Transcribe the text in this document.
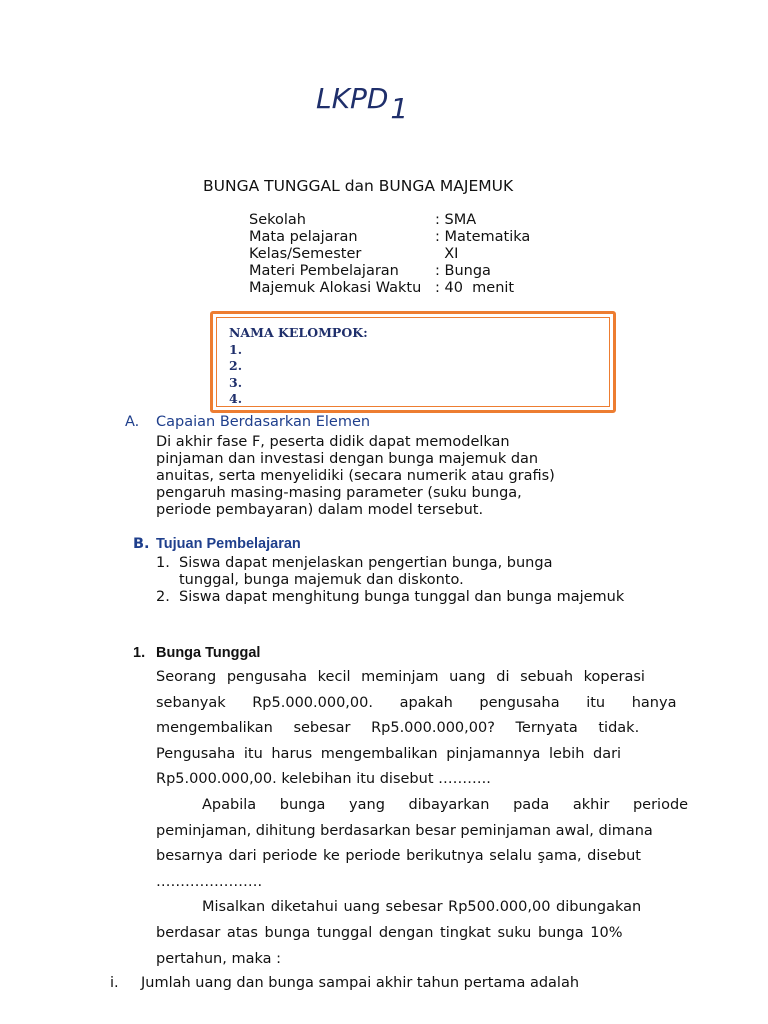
$LKPD_1$
BUNGA TUNGGAL dan BUNGA MAJEMUK
Sekolah	: SMA
Mata pelajaran	: Matematika
Kelas/Semester	XI
Materi Pembelajaran	: Bunga
Majemuk Alokasi Waktu : 40  menit
NAMA KELOMPOK:
1.
2.
3.
4.
A. Capaian Berdasarkan Elemen
Di akhir fase F, peserta didik dapat memodelkan
pinjaman dan investasi dengan bunga majemuk dan
anuitas, serta menyelidiki (secara numerik atau grafis)
pengaruh masing-masing parameter (suku bunga,
periode pembayaran) dalam model tersebut.
B. Tujuan Pembelajaran
1. Siswa dapat menjelaskan pengertian bunga, bunga
tunggal, bunga majemuk dan diskonto.
2. Siswa dapat menghitung bunga tunggal dan bunga majemuk
1. Bunga Tunggal
Seorang pengusaha kecil meminjam uang di sebuah koperasi
sebanyak Rp5.000.000,00. apakah pengusaha itu hanya
mengembalikan sebesar Rp5.000.000,00? Ternyata tidak.
Pengusaha itu harus mengembalikan pinjamannya lebih dari
Rp5.000.000,00. kelebihan itu disebut ………..
Apabila bunga yang dibayarkan pada akhir periode
peminjaman, dihitung berdasarkan besar peminjaman awal, dimana
besarnya dari periode ke periode berikutnya selalu şama, disebut
………………….
Misalkan diketahui uang sebesar Rp500.000,00 dibungakan
berdasar atas bunga tunggal dengan tingkat suku bunga 10%
pertahun, maka :
i. Jumlah uang dan bunga sampai akhir tahun pertama adalah
